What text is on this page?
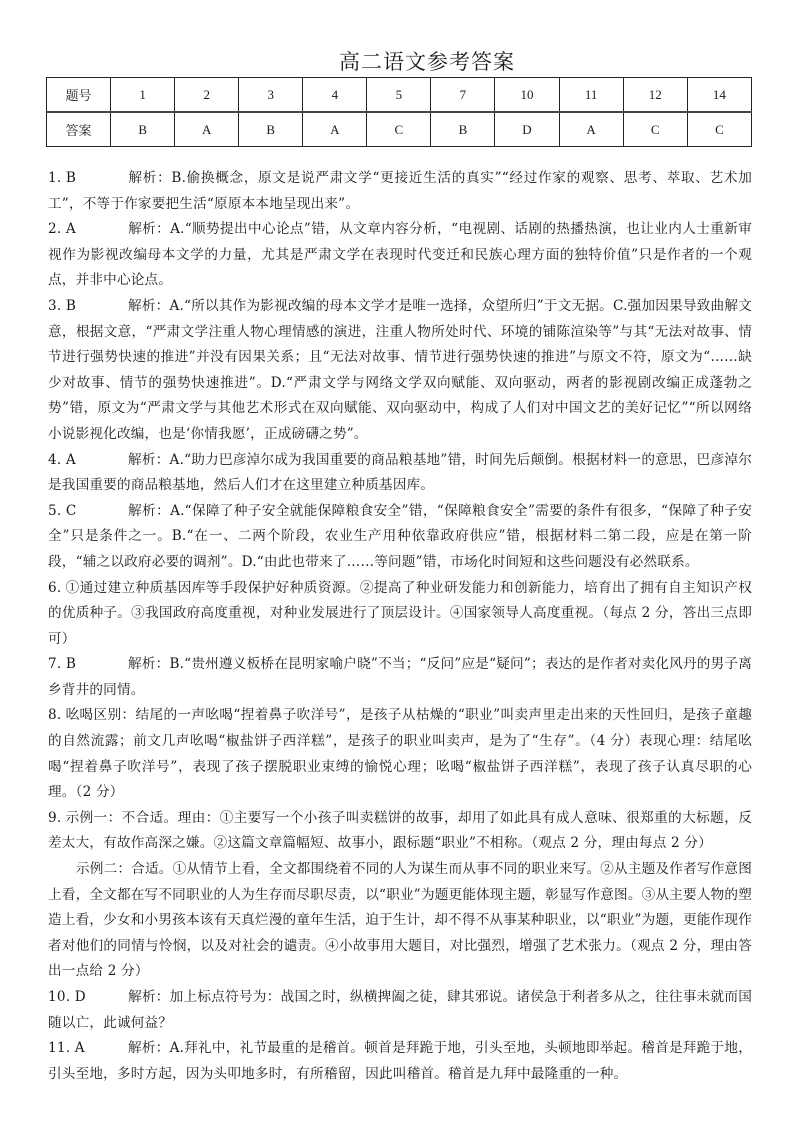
高二语文参考答案
题号	1	2	3	4	5	7	10	11	12	14
答案	B	A	B	A	C	B	D	A	C	C

1. B	解析：B.偷换概念，原文是说严肃文学“更接近生活的真实”“经过作家的观察、思考、萃取、艺术加工”，不等于作家要把生活“原原本本地呈现出来”。

2. A	解析：A.“顺势提出中心论点”错，从文章内容分析，“电视剧、话剧的热播热演，也让业内人士重新审视作为影视改编母本文学的力量，尤其是严肃文学在表现时代变迁和民族心理方面的独特价值”只是作者的一个观点，并非中心论点。

3. B	解析：A.“所以其作为影视改编的母本文学才是唯一选择，众望所归”于文无据。C.强加因果导致曲解文意，根据文意，“严肃文学注重人物心理情感的演进，注重人物所处时代、环境的铺陈渲染等”与其“无法对故事、情节进行强势快速的推进”并没有因果关系；且“无法对故事、情节进行强势快速的推进”与原文不符，原文为“……缺少对故事、情节的强势快速推进”。D.“严肃文学与网络文学双向赋能、双向驱动，两者的影视剧改编正成蓬勃之势”错，原文为“严肃文学与其他艺术形式在双向赋能、双向驱动中，构成了人们对中国文艺的美好记忆”“所以网络小说影视化改编，也是‘你情我愿’，正成磅礴之势”。

4. A	解析：A.“助力巴彦淖尔成为我国重要的商品粮基地”错，时间先后颠倒。根据材料一的意思，巴彦淖尔是我国重要的商品粮基地，然后人们才在这里建立种质基因库。

5. C	解析：A.“保障了种子安全就能保障粮食安全”错，“保障粮食安全”需要的条件有很多，“保障了种子安全”只是条件之一。B.“在一、二两个阶段，农业生产用种依靠政府供应”错，根据材料二第二段，应是在第一阶段，“辅之以政府必要的调剂”。D.“由此也带来了……等问题”错，市场化时间短和这些问题没有必然联系。

6. ①通过建立种质基因库等手段保护好种质资源。②提高了种业研发能力和创新能力，培育出了拥有自主知识产权的优质种子。③我国政府高度重视，对种业发展进行了顶层设计。④国家领导人高度重视。（每点 2 分，答出三点即可）

7. B	解析：B.“贵州遵义板桥在昆明家喻户晓”不当；“反问”应是“疑问”；表达的是作者对卖化风丹的男子离乡背井的同情。

8. 吆喝区别：结尾的一声吆喝“捏着鼻子吹洋号”，是孩子从枯燥的“职业”叫卖声里走出来的天性回归，是孩子童趣的自然流露；前文几声吆喝“椒盐饼子西洋糕”，是孩子的职业叫卖声，是为了“生存”。（4 分）表现心理：结尾吆喝“捏着鼻子吹洋号”，表现了孩子摆脱职业束缚的愉悦心理；吆喝“椒盐饼子西洋糕”，表现了孩子认真尽职的心理。（2 分）

9. 示例一：不合适。理由：①主要写一个小孩子叫卖糕饼的故事，却用了如此具有成人意味、很郑重的大标题，反差太大，有故作高深之嫌。②这篇文章篇幅短、故事小，跟标题“职业”不相称。（观点 2 分，理由每点 2 分）

示例二：合适。①从情节上看，全文都围绕着不同的人为谋生而从事不同的职业来写。②从主题及作者写作意图上看，全文都在写不同职业的人为生存而尽职尽责，以“职业”为题更能体现主题，彰显写作意图。③从主要人物的塑造上看，少女和小男孩本该有天真烂漫的童年生活，迫于生计，却不得不从事某种职业，以“职业”为题，更能作现作者对他们的同情与怜悯，以及对社会的谴责。④小故事用大题目，对比强烈，增强了艺术张力。（观点 2 分，理由答出一点给 2 分）

10. D	解析：加上标点符号为：战国之时，纵横捭阖之徒，肆其邪说。诸侯急于利者多从之，往往事未就而国随以亡，此诚何益？

11. A	解析：A.拜礼中，礼节最重的是稽首。顿首是拜跪于地，引头至地，头顿地即举起。稽首是拜跪于地，引头至地，多时方起，因为头叩地多时，有所稽留，因此叫稽首。稽首是九拜中最隆重的一种。
